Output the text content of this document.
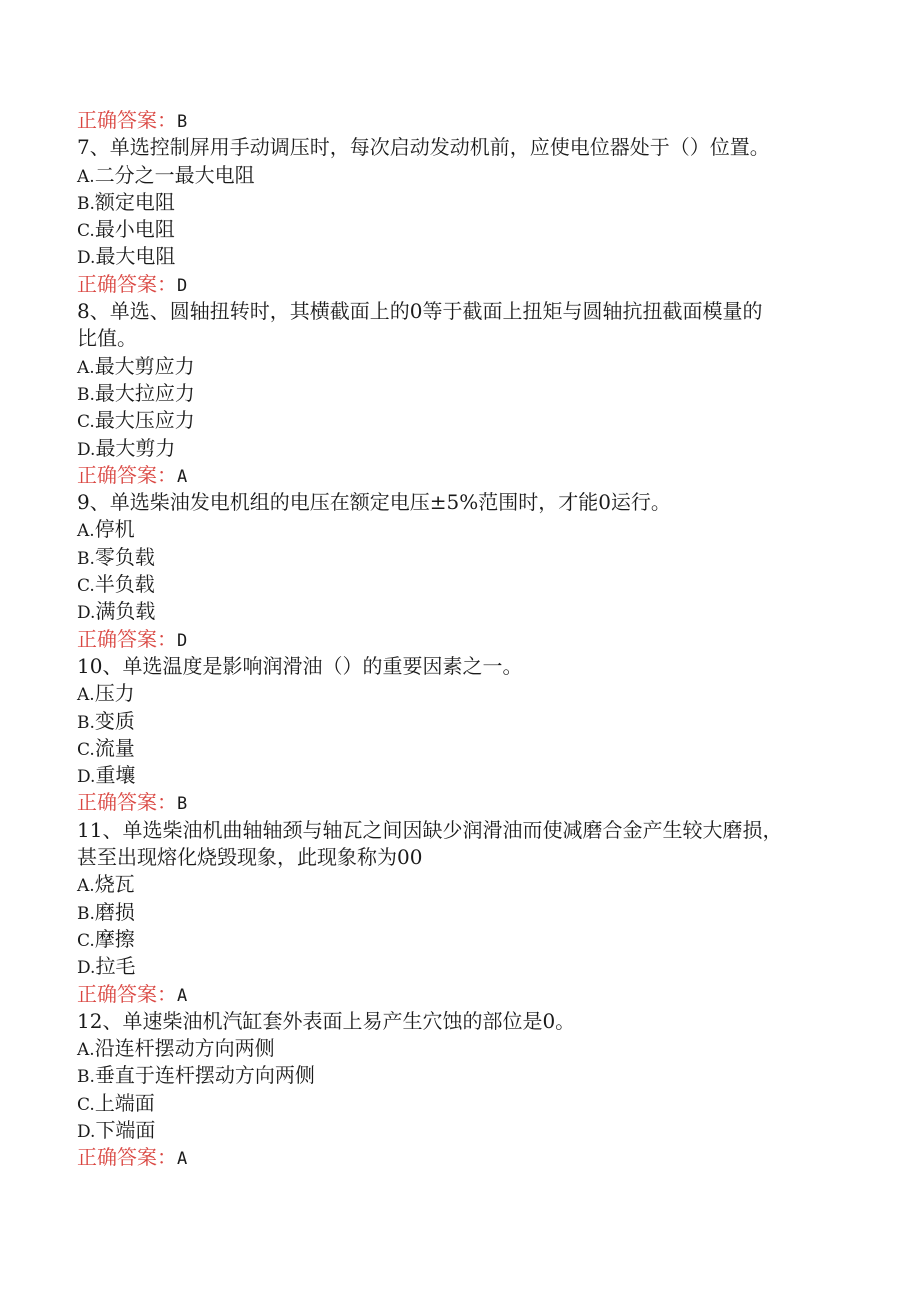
正确答案：B
7、单选控制屏用手动调压时，每次启动发动机前，应使电位器处于（）位置。
A.二分之一最大电阻
B.额定电阻
C.最小电阻
D.最大电阻
正确答案：D
8、单选、圆轴扭转时，其横截面上的0等于截面上扭矩与圆轴抗扭截面模量的
比值。
A.最大剪应力
B.最大拉应力
C.最大压应力
D.最大剪力
正确答案：A
9、单选柴油发电机组的电压在额定电压±5%范围时，才能0运行。
A.停机
B.零负载
C.半负载
D.满负载
正确答案：D
10、单选温度是影响润滑油（）的重要因素之一。
A.压力
B.变质
C.流量
D.重壤
正确答案：B
11、单选柴油机曲轴轴颈与轴瓦之间因缺少润滑油而使减磨合金产生较大磨损，
甚至出现熔化烧毁现象，此现象称为00
A.烧瓦
B.磨损
C.摩擦
D.拉毛
正确答案：A
12、单速柴油机汽缸套外表面上易产生穴蚀的部位是0。
A.沿连杆摆动方向两侧
B.垂直于连杆摆动方向两侧
C.上端面
D.下端面
正确答案：A
